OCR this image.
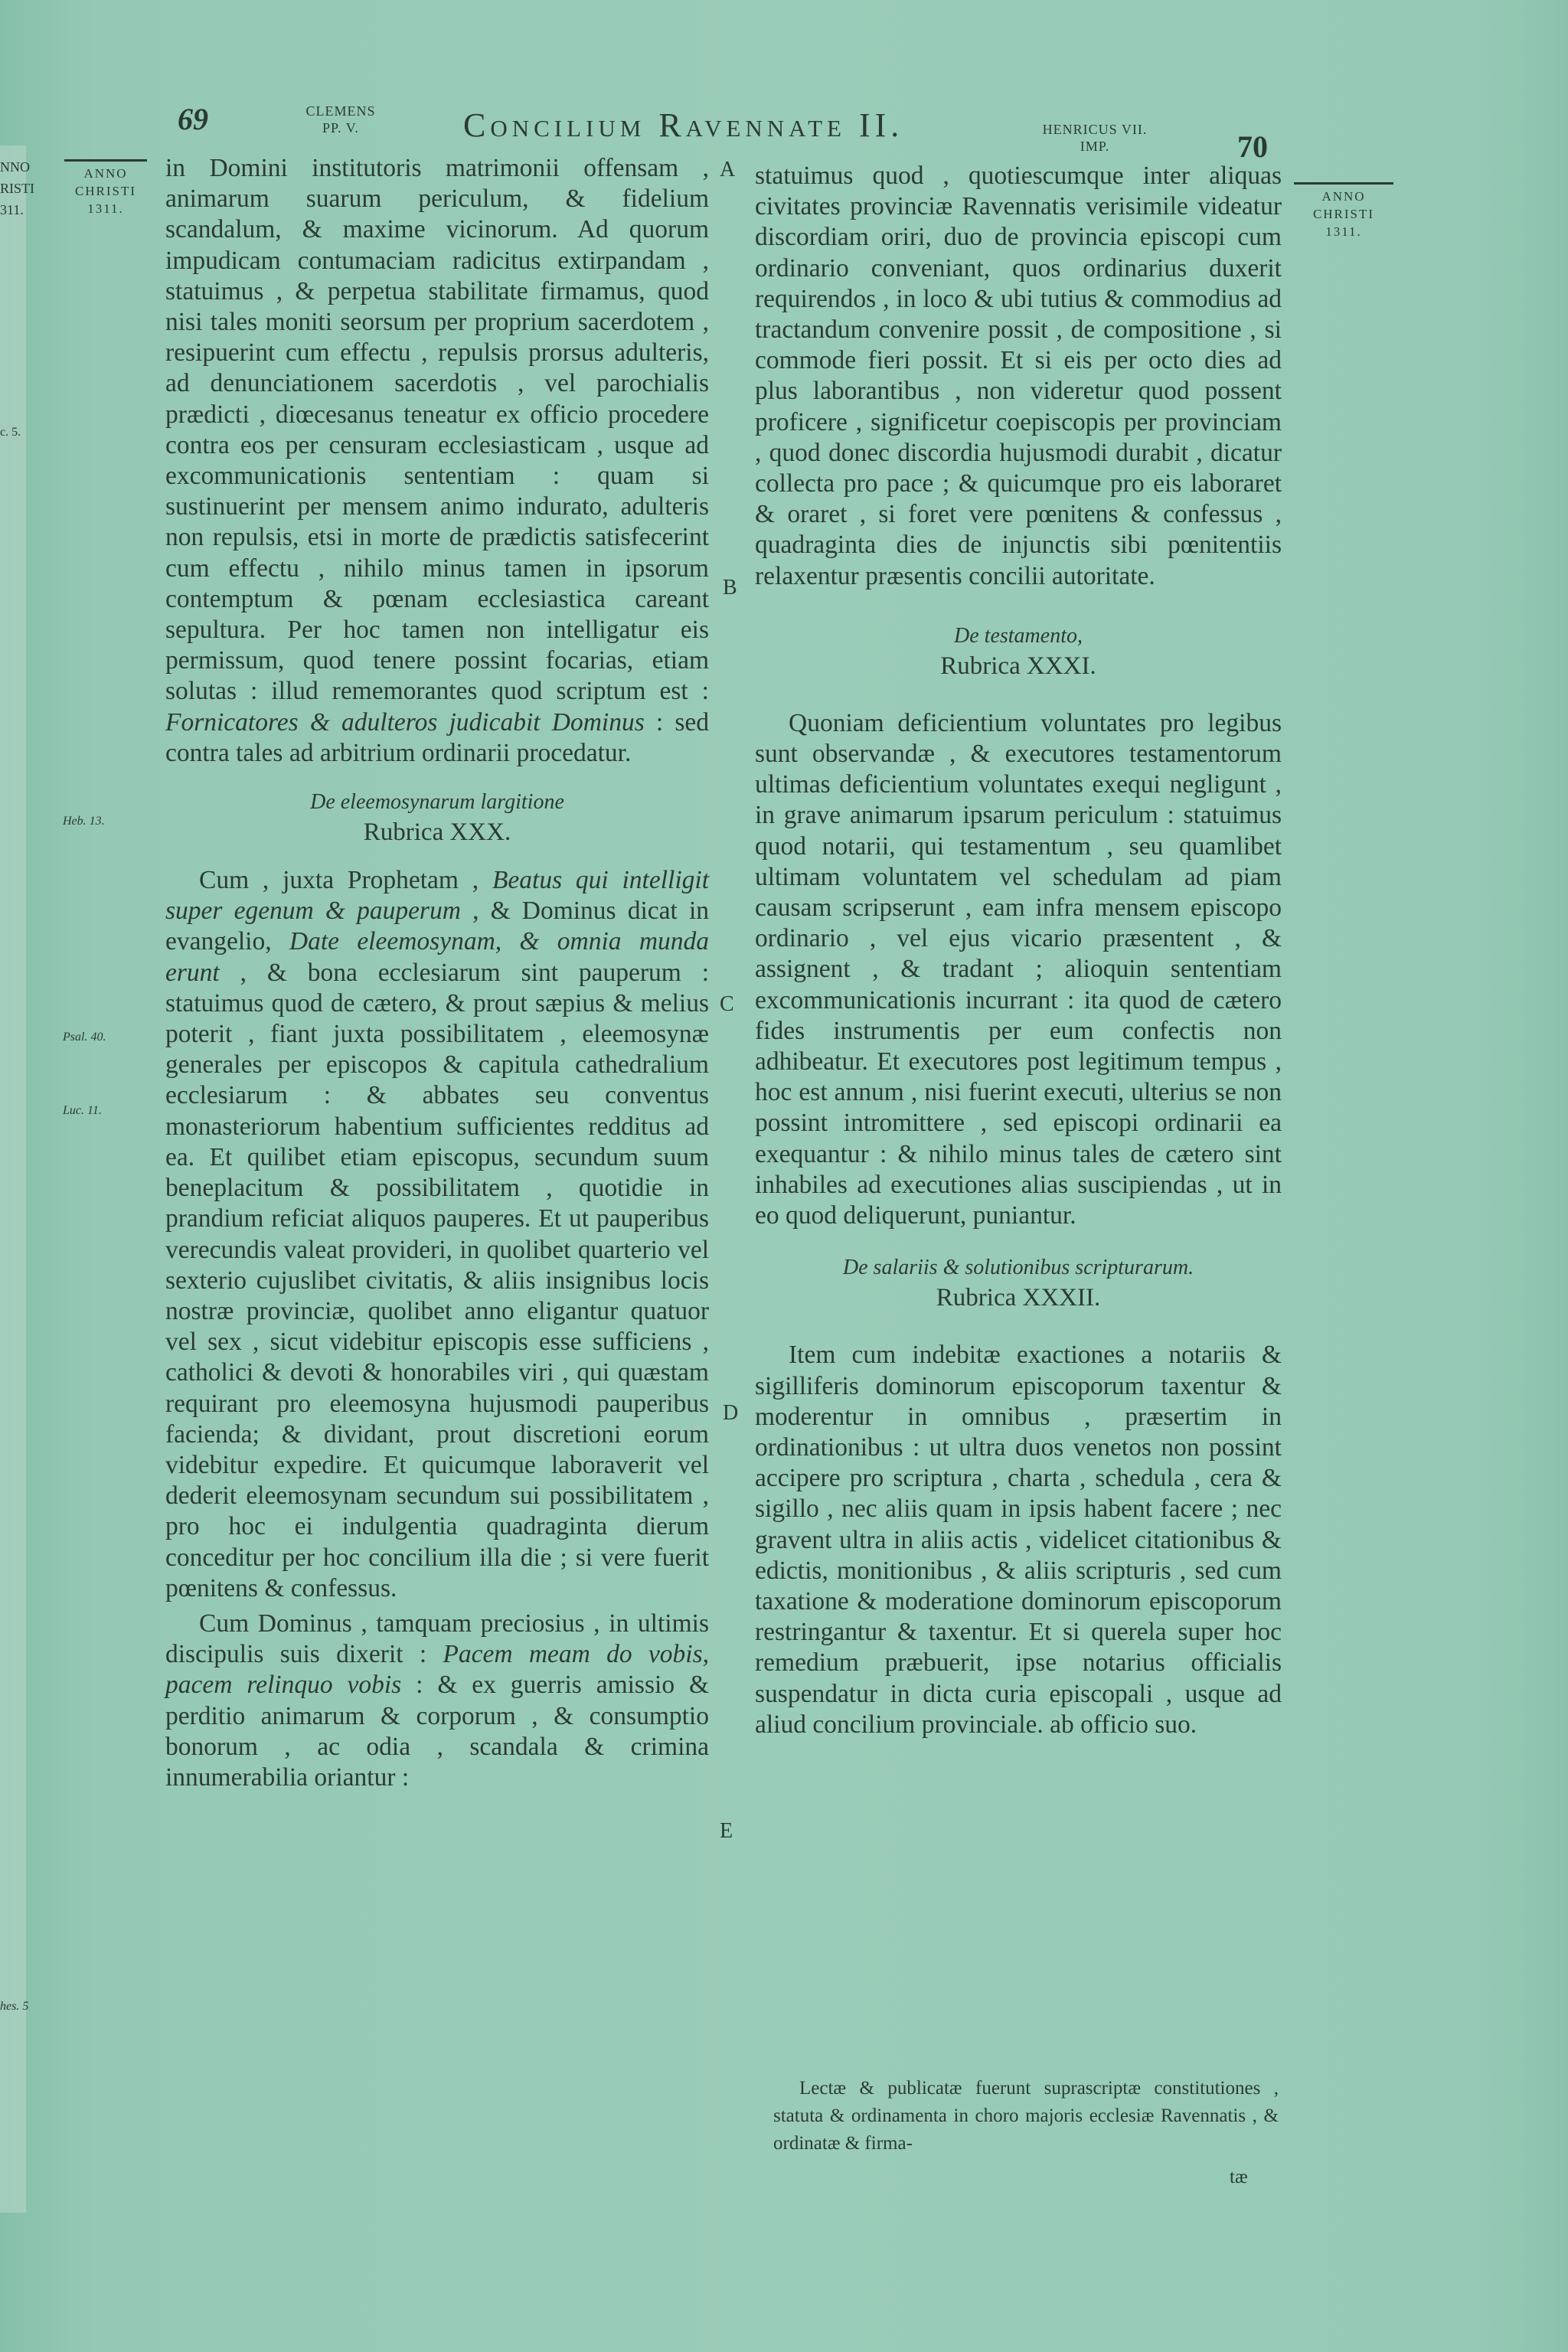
69	CLEMENS
PP. V.	Concilium Ravennate II.	HENRICUS VII.
IMP.	70
ANNO
CHRISTI
1311.
ANNO
CHRISTI
1311.
NNO
RISTI
311.
c. 5.
hes. 5
Heb. 13.
Psal. 40.
Luc. 11.
A
B
C
D
E

in Domini institutoris matrimonii offensam , animarum suarum periculum, & fidelium scandalum, & maxime vicinorum. Ad quorum impudicam contumaciam radicitus extirpandam , statuimus , & perpetua stabilitate firmamus, quod nisi tales moniti seorsum per proprium sacerdotem , resipuerint cum effectu , repulsis prorsus adulteris, ad denunciationem sacerdotis , vel parochialis prædicti , diœcesanus teneatur ex officio procedere contra eos per censuram ecclesiasticam , usque ad excommunicationis sententiam : quam si sustinuerint per mensem animo indurato, adulteris non repulsis, etsi in morte de prædictis satisfecerint cum effectu , nihilo minus tamen in ipsorum contemptum & pœnam ecclesiastica careant sepultura. Per hoc tamen non intelligatur eis permissum, quod tenere possint focarias, etiam solutas : illud rememorantes quod scriptum est : Fornicatores & adulteros judicabit Dominus : sed contra tales ad arbitrium ordinarii procedatur.

De eleemosynarum largitione
Rubrica XXX.

Cum , juxta Prophetam , Beatus qui intelligit super egenum & pauperum , & Dominus dicat in evangelio, Date eleemosynam, & omnia munda erunt , & bona ecclesiarum sint pauperum : statuimus quod de cætero, & prout sæpius & melius poterit , fiant juxta possibilitatem , eleemosynæ generales per episcopos & capitula cathedralium ecclesiarum : & abbates seu conventus monasteriorum habentium sufficientes redditus ad ea. Et quilibet etiam episcopus, secundum suum beneplacitum & possibilitatem , quotidie in prandium reficiat aliquos pauperes. Et ut pauperibus verecundis valeat provideri, in quolibet quarterio vel sexterio cujuslibet civitatis, & aliis insignibus locis nostræ provinciæ, quolibet anno eligantur quatuor vel sex , sicut videbitur episcopis esse sufficiens , catholici & devoti & honorabiles viri , qui quæstam requirant pro eleemosyna hujusmodi pauperibus facienda; & dividant, prout discretioni eorum videbitur expedire. Et quicumque laboraverit vel dederit eleemosynam secundum sui possibilitatem , pro hoc ei indulgentia quadraginta dierum conceditur per hoc concilium illa die ; si vere fuerit pœnitens & confessus.

Cum Dominus , tamquam preciosius , in ultimis discipulis suis dixerit : Pacem meam do vobis, pacem relinquo vobis : & ex guerris amissio & perditio animarum & corporum , & consumptio bonorum , ac odia , scandala & crimina innumerabilia oriantur :

statuimus quod , quotiescumque inter aliquas civitates provinciæ Ravennatis verisimile videatur discordiam oriri, duo de provincia episcopi cum ordinario conveniant, quos ordinarius duxerit requirendos , in loco & ubi tutius & commodius ad tractandum convenire possit , de compositione , si commode fieri possit. Et si eis per octo dies ad plus laborantibus , non videretur quod possent proficere , significetur coepiscopis per provinciam , quod donec discordia hujusmodi durabit , dicatur collecta pro pace ; & quicumque pro eis laboraret & oraret , si foret vere pœnitens & confessus , quadraginta dies de injunctis sibi pœnitentiis relaxentur præsentis concilii autoritate.

De testamento,
Rubrica XXXI.

Quoniam deficientium voluntates pro legibus sunt observandæ , & executores testamentorum ultimas deficientium voluntates exequi negligunt , in grave animarum ipsarum periculum : statuimus quod notarii, qui testamentum , seu quamlibet ultimam voluntatem vel schedulam ad piam causam scripserunt , eam infra mensem episcopo ordinario , vel ejus vicario præsentent , & assignent , & tradant ; alioquin sententiam excommunicationis incurrant : ita quod de cætero fides instrumentis per eum confectis non adhibeatur. Et executores post legitimum tempus , hoc est annum , nisi fuerint executi, ulterius se non possint intromittere , sed episcopi ordinarii ea exequantur : & nihilo minus tales de cætero sint inhabiles ad executiones alias suscipiendas , ut in eo quod deliquerunt, puniantur.

De salariis & solutionibus scripturarum.
Rubrica XXXII.

Item cum indebitæ exactiones a notariis & sigilliferis dominorum episcoporum taxentur & moderentur in omnibus , præsertim in ordinationibus : ut ultra duos venetos non possint accipere pro scriptura , charta , schedula , cera & sigillo , nec aliis quam in ipsis habent facere ; nec gravent ultra in aliis actis , videlicet citationibus & edictis, monitionibus , & aliis scripturis , sed cum taxatione & moderatione dominorum episcoporum restringantur & taxentur. Et si querela super hoc remedium præbuerit, ipse notarius officialis suspendatur in dicta curia episcopali , usque ad aliud concilium provinciale. ab officio suo.

Lectæ & publicatæ fuerunt suprascriptæ constitutiones , statuta & ordinamenta in choro majoris ecclesiæ Ravennatis , & ordinatæ & firma-
tæ
